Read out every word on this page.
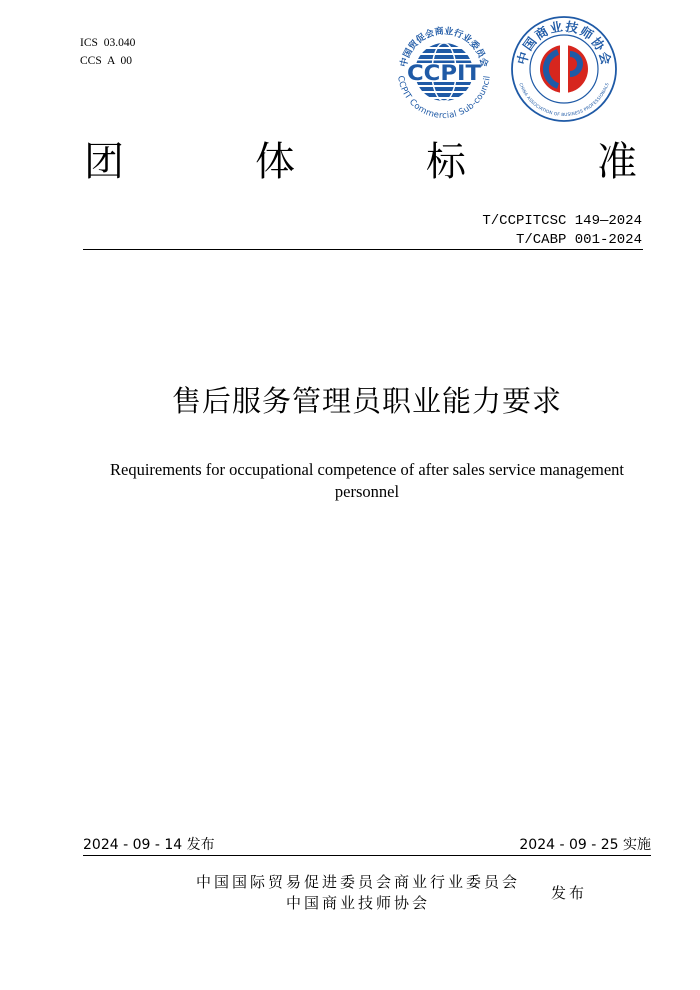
ICS 03.040
CCS A 00	CCPIT
中国贸促会商业行业委员会
CCPIT Commercial Sub-council
中国商业技师协会
CHINA ASSOCIATION OF BUSINESS PROFESSIONALS
团	体	标	准
T/CCPITCSC 149—2024
T/CABP 001-2024
售后服务管理员职业能力要求
Requirements for occupational competence of after sales service management
personnel
2024 - 09 - 14 发布	2024 - 09 - 25 实施
中国国际贸易促进委员会商业行业委员会
中国商业技师协会
发布
